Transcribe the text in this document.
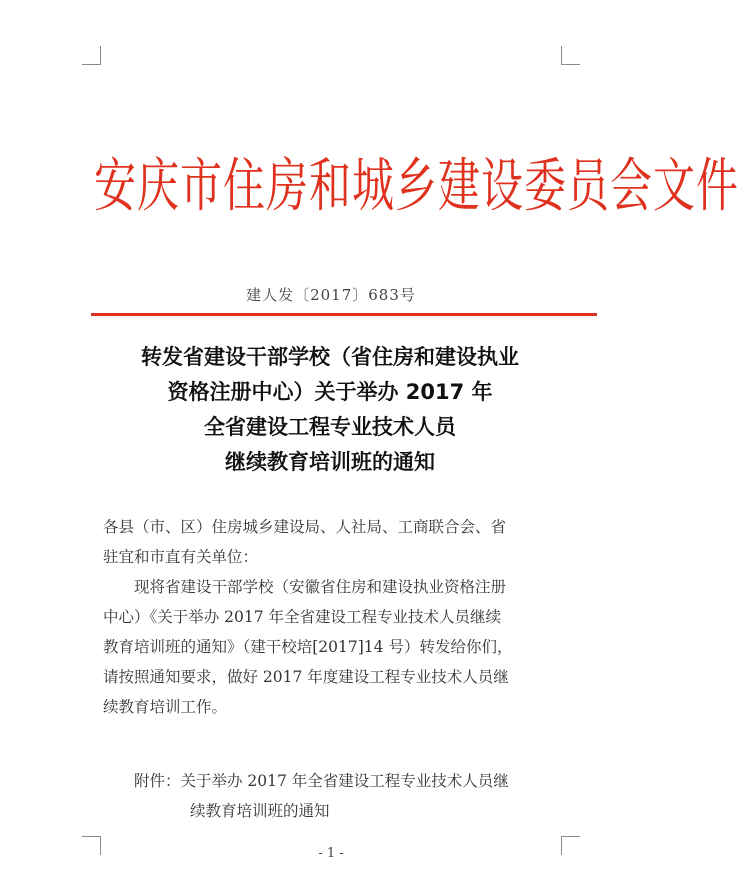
安庆市住房和城乡建设委员会文件
建人发〔2017〕683号
转发省建设干部学校（省住房和建设执业
资格注册中心）关于举办 2017 年
全省建设工程专业技术人员
继续教育培训班的通知
各县（市、区）住房城乡建设局、人社局、工商联合会、省
驻宜和市直有关单位：
现将省建设干部学校（安徽省住房和建设执业资格注册
中心）《关于举办 2017 年全省建设工程专业技术人员继续
教育培训班的通知》（建干校培[2017]14 号）转发给你们，
请按照通知要求，做好 2017 年度建设工程专业技术人员继
续教育培训工作。
附件：关于举办 2017 年全省建设工程专业技术人员继
续教育培训班的通知
- 1 -
